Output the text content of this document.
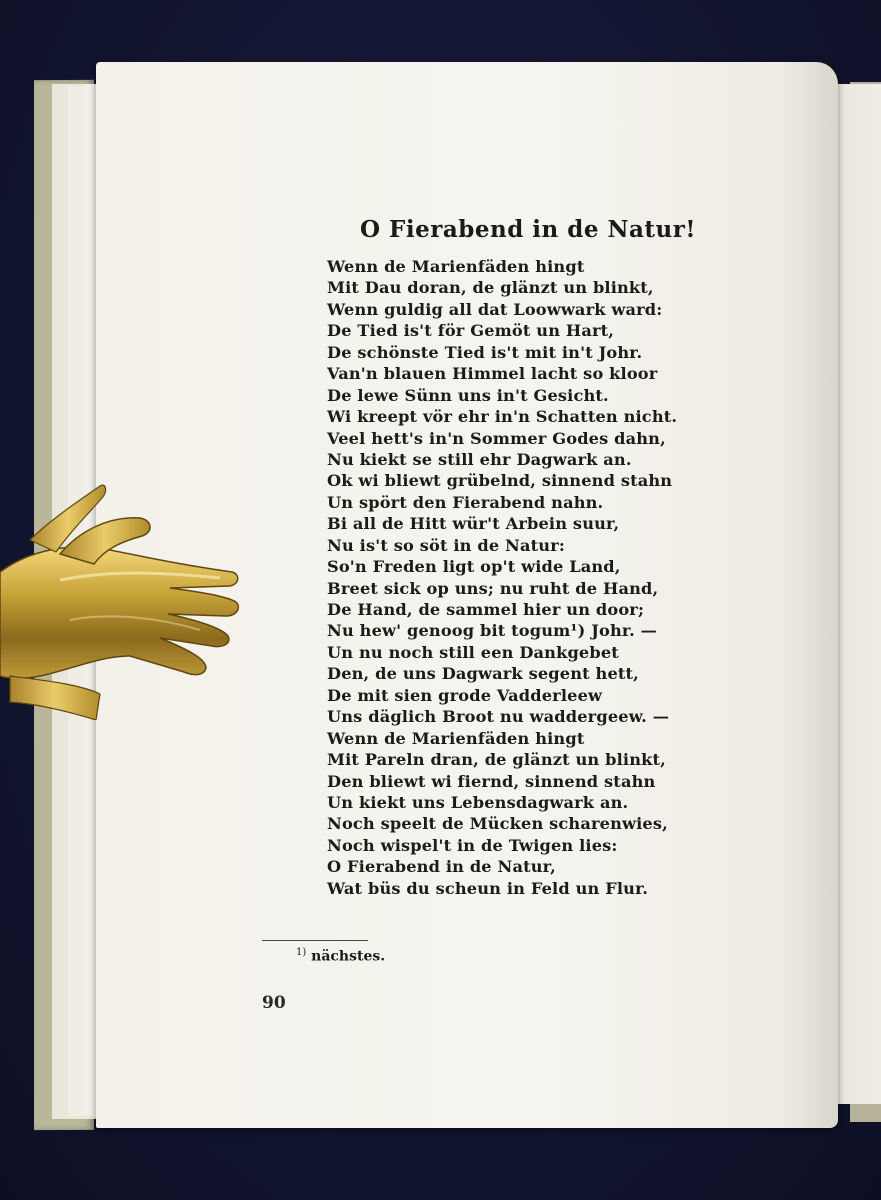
O Fierabend in de Natur!
Wenn de Marienfäden hingt
Mit Dau doran, de glänzt un blinkt,
Wenn guldig all dat Loowwark ward:
De Tied is't för Gemöt un Hart,
De schönste Tied is't mit in't Johr.
Van'n blauen Himmel lacht so kloor
De lewe Sünn uns in't Gesicht.
Wi kreept vör ehr in'n Schatten nicht.
Veel hett's in'n Sommer Godes dahn,
Nu kiekt se still ehr Dagwark an.
Ok wi bliewt grübelnd, sinnend stahn
Un spört den Fierabend nahn.
Bi all de Hitt wür't Arbein suur,
Nu is't so söt in de Natur:
So'n Freden ligt op't wide Land,
Breet sick op uns; nu ruht de Hand,
De Hand, de sammel hier un door;
Nu hew' genoog bit togum¹) Johr. —
Un nu noch still een Dankgebet
Den, de uns Dagwark segent hett,
De mit sien grode Vadderleew
Uns däglich Broot nu waddergeew. —
Wenn de Marienfäden hingt
Mit Pareln dran, de glänzt un blinkt,
Den bliewt wi fiernd, sinnend stahn
Un kiekt uns Lebensdagwark an.
Noch speelt de Mücken scharenwies,
Noch wispel't in de Twigen lies:
O Fierabend in de Natur,
Wat büs du scheun in Feld un Flur.
$^{1)}$ nächstes.
90
